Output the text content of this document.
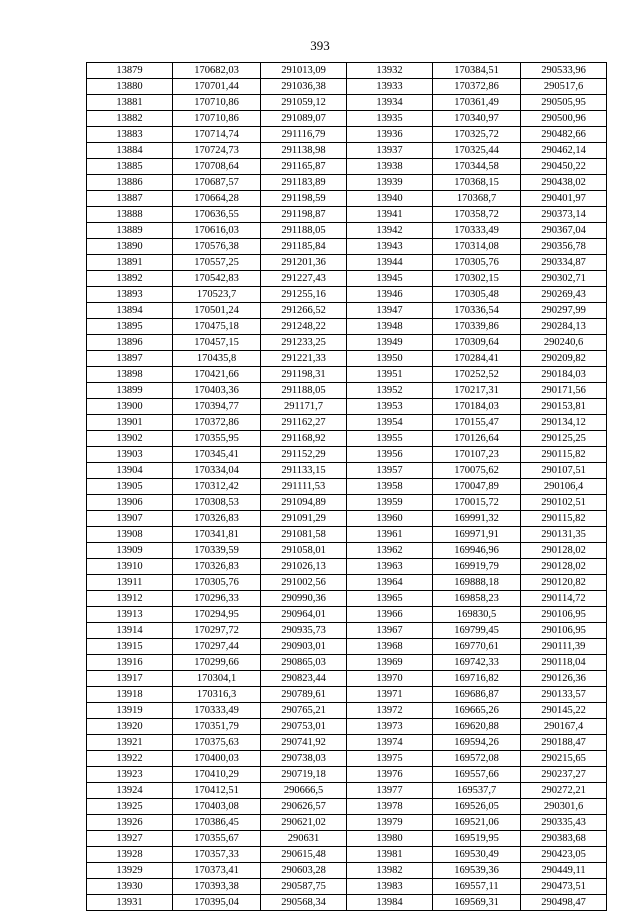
393
13879	170682,03	291013,09	13932	170384,51	290533,96
13880	170701,44	291036,38	13933	170372,86	290517,6
13881	170710,86	291059,12	13934	170361,49	290505,95
13882	170710,86	291089,07	13935	170340,97	290500,96
13883	170714,74	291116,79	13936	170325,72	290482,66
13884	170724,73	291138,98	13937	170325,44	290462,14
13885	170708,64	291165,87	13938	170344,58	290450,22
13886	170687,57	291183,89	13939	170368,15	290438,02
13887	170664,28	291198,59	13940	170368,7	290401,97
13888	170636,55	291198,87	13941	170358,72	290373,14
13889	170616,03	291188,05	13942	170333,49	290367,04
13890	170576,38	291185,84	13943	170314,08	290356,78
13891	170557,25	291201,36	13944	170305,76	290334,87
13892	170542,83	291227,43	13945	170302,15	290302,71
13893	170523,7	291255,16	13946	170305,48	290269,43
13894	170501,24	291266,52	13947	170336,54	290297,99
13895	170475,18	291248,22	13948	170339,86	290284,13
13896	170457,15	291233,25	13949	170309,64	290240,6
13897	170435,8	291221,33	13950	170284,41	290209,82
13898	170421,66	291198,31	13951	170252,52	290184,03
13899	170403,36	291188,05	13952	170217,31	290171,56
13900	170394,77	291171,7	13953	170184,03	290153,81
13901	170372,86	291162,27	13954	170155,47	290134,12
13902	170355,95	291168,92	13955	170126,64	290125,25
13903	170345,41	291152,29	13956	170107,23	290115,82
13904	170334,04	291133,15	13957	170075,62	290107,51
13905	170312,42	291111,53	13958	170047,89	290106,4
13906	170308,53	291094,89	13959	170015,72	290102,51
13907	170326,83	291091,29	13960	169991,32	290115,82
13908	170341,81	291081,58	13961	169971,91	290131,35
13909	170339,59	291058,01	13962	169946,96	290128,02
13910	170326,83	291026,13	13963	169919,79	290128,02
13911	170305,76	291002,56	13964	169888,18	290120,82
13912	170296,33	290990,36	13965	169858,23	290114,72
13913	170294,95	290964,01	13966	169830,5	290106,95
13914	170297,72	290935,73	13967	169799,45	290106,95
13915	170297,44	290903,01	13968	169770,61	290111,39
13916	170299,66	290865,03	13969	169742,33	290118,04
13917	170304,1	290823,44	13970	169716,82	290126,36
13918	170316,3	290789,61	13971	169686,87	290133,57
13919	170333,49	290765,21	13972	169665,26	290145,22
13920	170351,79	290753,01	13973	169620,88	290167,4
13921	170375,63	290741,92	13974	169594,26	290188,47
13922	170400,03	290738,03	13975	169572,08	290215,65
13923	170410,29	290719,18	13976	169557,66	290237,27
13924	170412,51	290666,5	13977	169537,7	290272,21
13925	170403,08	290626,57	13978	169526,05	290301,6
13926	170386,45	290621,02	13979	169521,06	290335,43
13927	170355,67	290631	13980	169519,95	290383,68
13928	170357,33	290615,48	13981	169530,49	290423,05
13929	170373,41	290603,28	13982	169539,36	290449,11
13930	170393,38	290587,75	13983	169557,11	290473,51
13931	170395,04	290568,34	13984	169569,31	290498,47
